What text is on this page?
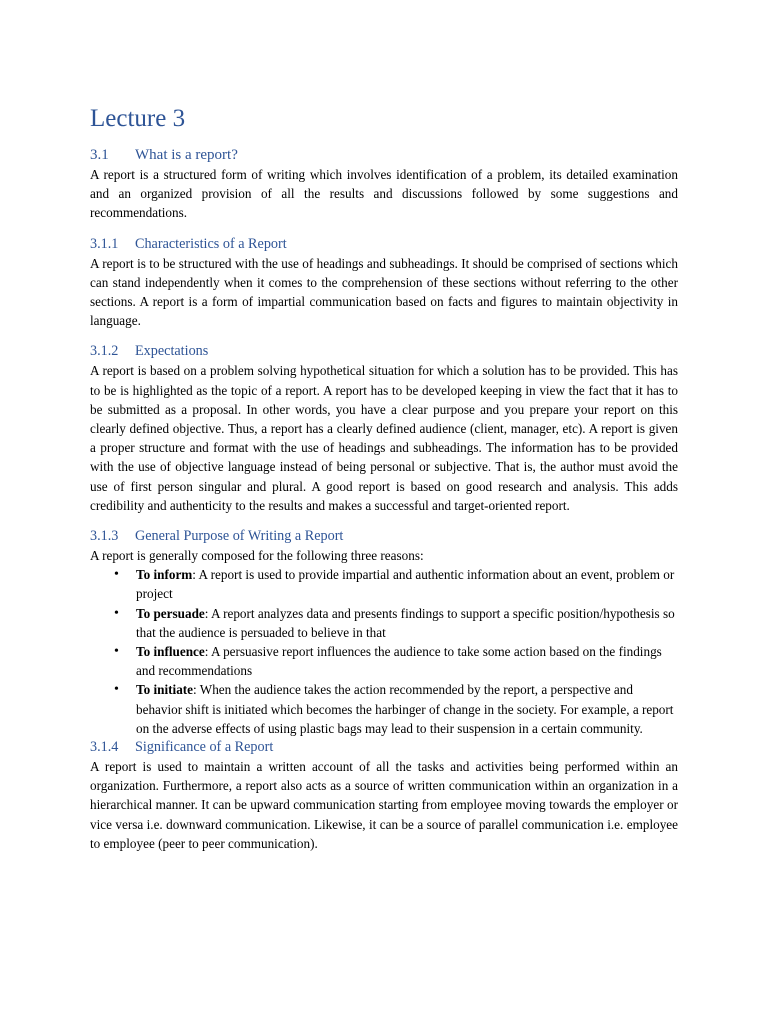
Lecture 3
3.1	What is a report?

A report is a structured form of writing which involves identification of a problem, its detailed examination and an organized provision of all the results and discussions followed by some suggestions and recommendations.

3.1.1	Characteristics of a Report

A report is to be structured with the use of headings and subheadings. It should be comprised of sections which can stand independently when it comes to the comprehension of these sections without referring to the other sections. A report is a form of impartial communication based on facts and figures to maintain objectivity in language.

3.1.2	Expectations

A report is based on a problem solving hypothetical situation for which a solution has to be provided. This has to be is highlighted as the topic of a report. A report has to be developed keeping in view the fact that it has to be submitted as a proposal. In other words, you have a clear purpose and you prepare your report on this clearly defined objective. Thus, a report has a clearly defined audience (client, manager, etc). A report is given a proper structure and format with the use of headings and subheadings. The information has to be provided with the use of objective language instead of being personal or subjective. That is, the author must avoid the use of first person singular and plural. A good report is based on good research and analysis. This adds credibility and authenticity to the results and makes a successful and target-oriented report.

3.1.3	General Purpose of Writing a Report

A report is generally composed for the following three reasons:

• To inform: A report is used to provide impartial and authentic information about an event, problem or project
• To persuade: A report analyzes data and presents findings to support a specific position/hypothesis so that the audience is persuaded to believe in that
• To influence: A persuasive report influences the audience to take some action based on the findings and recommendations
• To initiate: When the audience takes the action recommended by the report, a perspective and behavior shift is initiated which becomes the harbinger of change in the society. For example, a report on the adverse effects of using plastic bags may lead to their suspension in a certain community.
3.1.4	Significance of a Report

A report is used to maintain a written account of all the tasks and activities being performed within an organization. Furthermore, a report also acts as a source of written communication within an organization in a hierarchical manner. It can be upward communication starting from employee moving towards the employer or vice versa i.e. downward communication. Likewise, it can be a source of parallel communication i.e. employee to employee (peer to peer communication).
